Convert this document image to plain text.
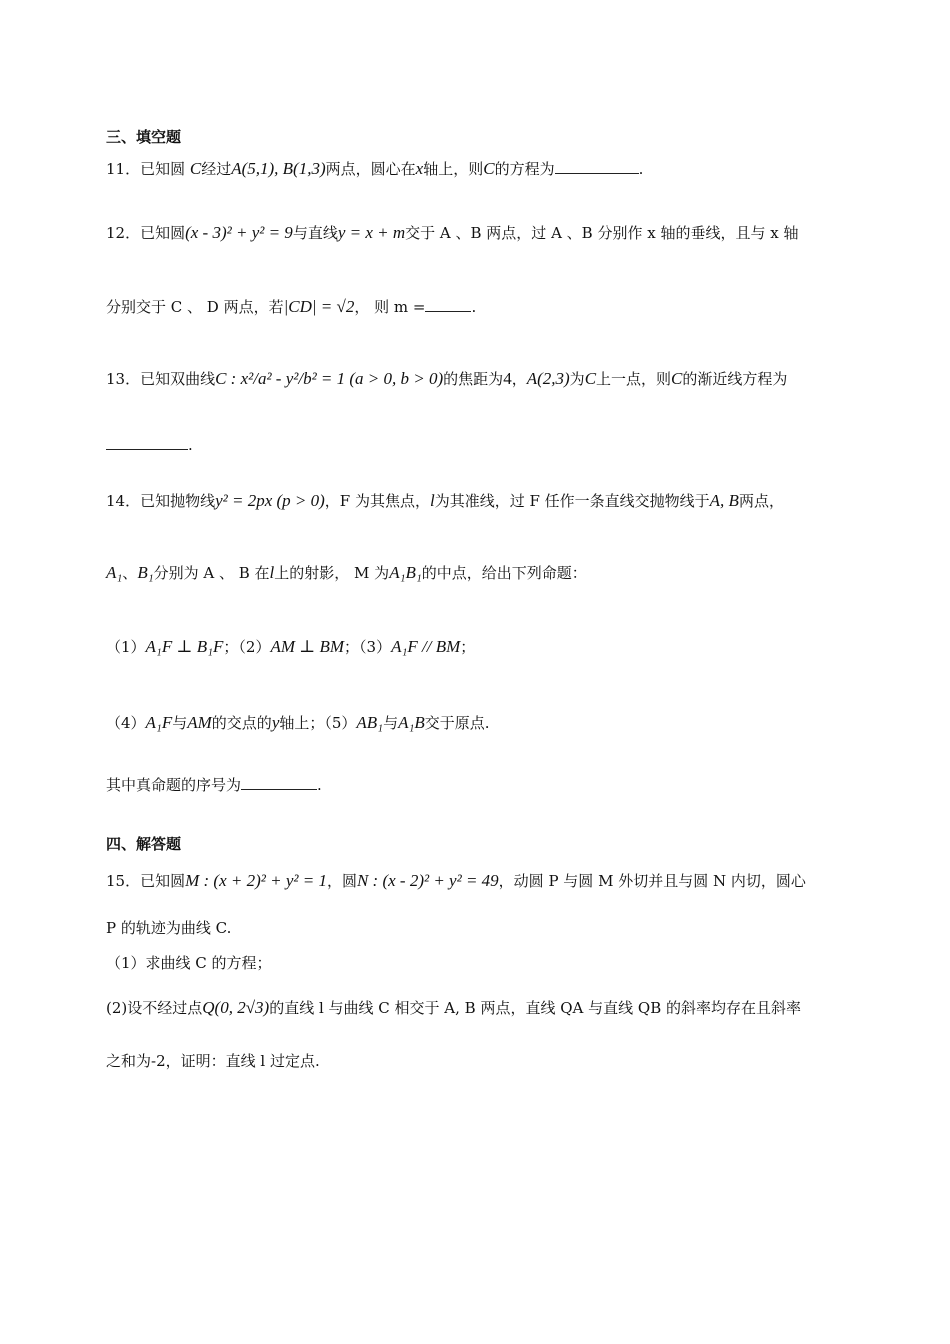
三、填空题
11．已知圆 C经过A(5,1), B(1,3)两点，圆心在x轴上，则C的方程为	.
12．已知圆(x - 3)² + y² = 9与直线y = x + m交于 A 、B 两点，过 A 、B 分别作 x 轴的垂线，且与 x 轴
分别交于 C 、 D 两点，若|CD| = √2， 则 m =	.
13．已知双曲线C : x²/a² - y²/b² = 1 (a > 0, b > 0)的焦距为4，A(2,3)为C上一点，则C的渐近线方程为
.
14．已知抛物线y² = 2px (p > 0)，F 为其焦点，l为其准线，过 F 任作一条直线交抛物线于A, B两点，
A₁、B₁分别为 A 、 B 在l上的射影， M 为A₁B₁的中点，给出下列命题：
（1）A₁F ⊥ B₁F；（2）AM ⊥ BM；（3）A₁F // BM；
（4）A₁F与AM的交点的y轴上；（5）AB₁与A₁B交于原点.
其中真命题的序号为	.
四、解答题
15．已知圆M : (x + 2)² + y² = 1，圆N : (x - 2)² + y² = 49，动圆 P 与圆 M 外切并且与圆 N 内切，圆心
P 的轨迹为曲线 C.
（1）求曲线 C 的方程；
(2)设不经过点Q(0, 2√3)的直线 l 与曲线 C 相交于 A, B 两点，直线 QA 与直线 QB 的斜率均存在且斜率
之和为-2，证明：直线 l 过定点.
